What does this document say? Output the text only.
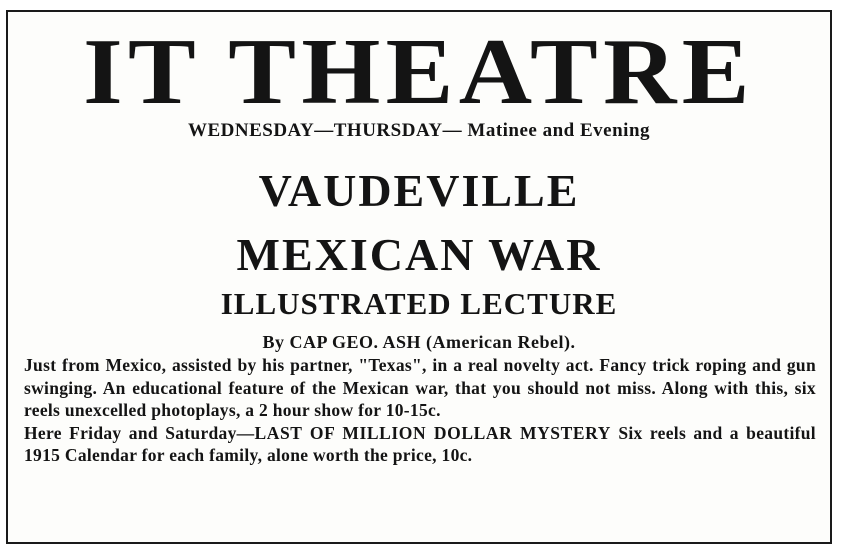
IT THEATRE
WEDNESDAY—THURSDAY— Matinee and Evening
VAUDEVILLE
MEXICAN WAR
ILLUSTRATED LECTURE
By CAP GEO. ASH (American Rebel).

Just from Mexico, assisted by his partner, "Texas", in a real novelty act. Fancy trick roping and gun swinging. An educational feature of the Mexican war, that you should not miss. Along with this, six reels unexcelled photoplays, a 2 hour show for 10-15c.

Here Friday and Saturday—LAST OF MILLION DOLLAR MYSTERY Six reels and a beautiful 1915 Calendar for each family, alone worth the price, 10c.
